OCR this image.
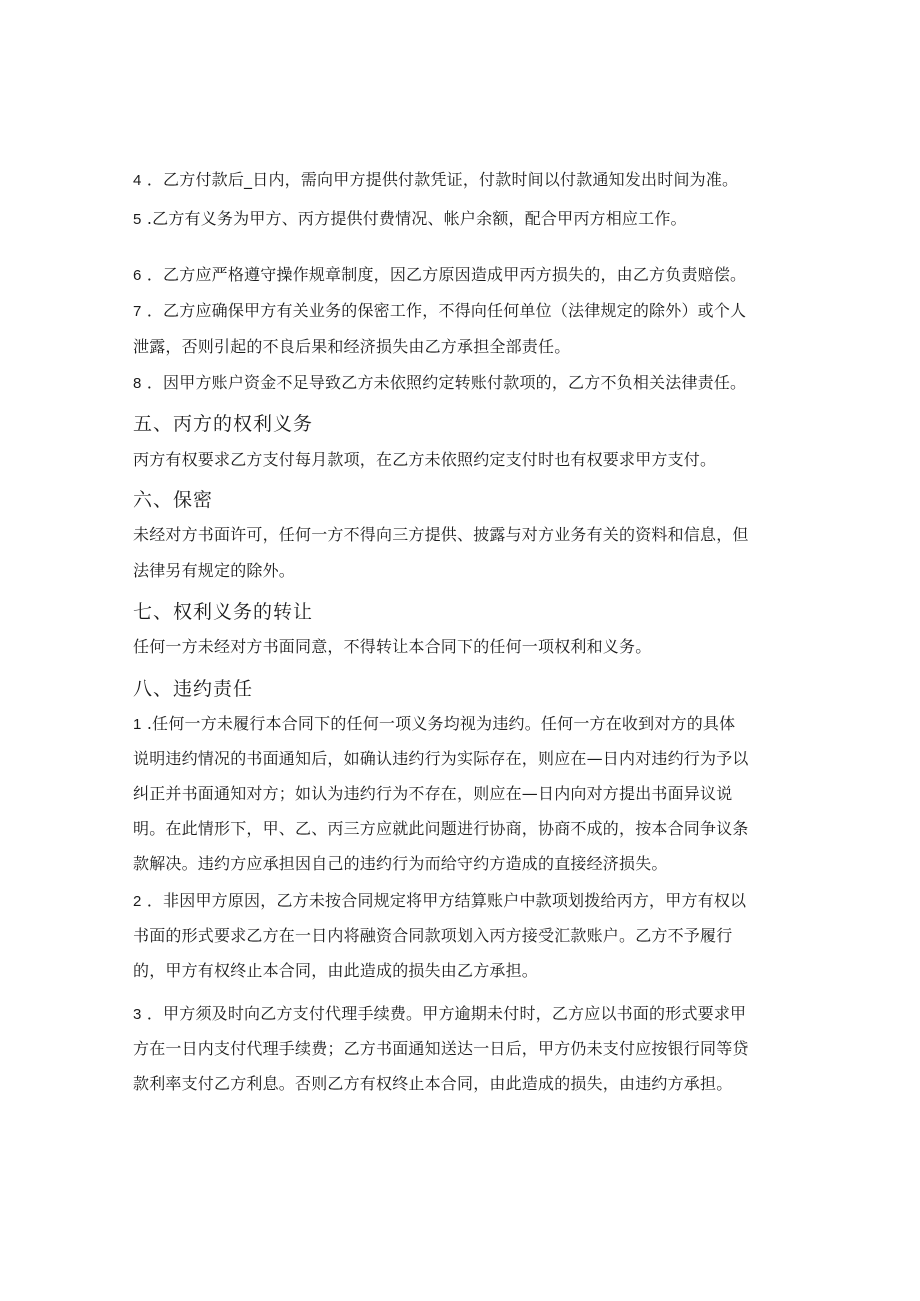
4 ．乙方付款后_日内，需向甲方提供付款凭证，付款时间以付款通知发出时间为准。
5 .乙方有义务为甲方、丙方提供付费情况、帐户余额，配合甲丙方相应工作。
6 ．乙方应严格遵守操作规章制度，因乙方原因造成甲丙方损失的，由乙方负责赔偿。
7 ．乙方应确保甲方有关业务的保密工作，不得向任何单位（法律规定的除外）或个人
泄露，否则引起的不良后果和经济损失由乙方承担全部责任。
8 ．因甲方账户资金不足导致乙方未依照约定转账付款项的，乙方不负相关法律责任。
五、丙方的权利义务
丙方有权要求乙方支付每月款项，在乙方未依照约定支付时也有权要求甲方支付。
六、保密
未经对方书面许可，任何一方不得向三方提供、披露与对方业务有关的资料和信息，但
法律另有规定的除外。
七、权利义务的转让
任何一方未经对方书面同意，不得转让本合同下的任何一项权利和义务。
八、违约责任
1 .任何一方未履行本合同下的任何一项义务均视为违约。任何一方在收到对方的具体
说明违约情况的书面通知后，如确认违约行为实际存在，则应在—日内对违约行为予以
纠正并书面通知对方；如认为违约行为不存在，则应在—日内向对方提出书面异议说
明。在此情形下，甲、乙、丙三方应就此问题进行协商，协商不成的，按本合同争议条
款解决。违约方应承担因自己的违约行为而给守约方造成的直接经济损失。
2 ．非因甲方原因，乙方未按合同规定将甲方结算账户中款项划拨给丙方，甲方有权以
书面的形式要求乙方在一日内将融资合同款项划入丙方接受汇款账户。乙方不予履行
的，甲方有权终止本合同，由此造成的损失由乙方承担。
3 ．甲方须及时向乙方支付代理手续费。甲方逾期未付时，乙方应以书面的形式要求甲
方在一日内支付代理手续费；乙方书面通知送达一日后，甲方仍未支付应按银行同等贷
款利率支付乙方利息。否则乙方有权终止本合同，由此造成的损失，由违约方承担。
